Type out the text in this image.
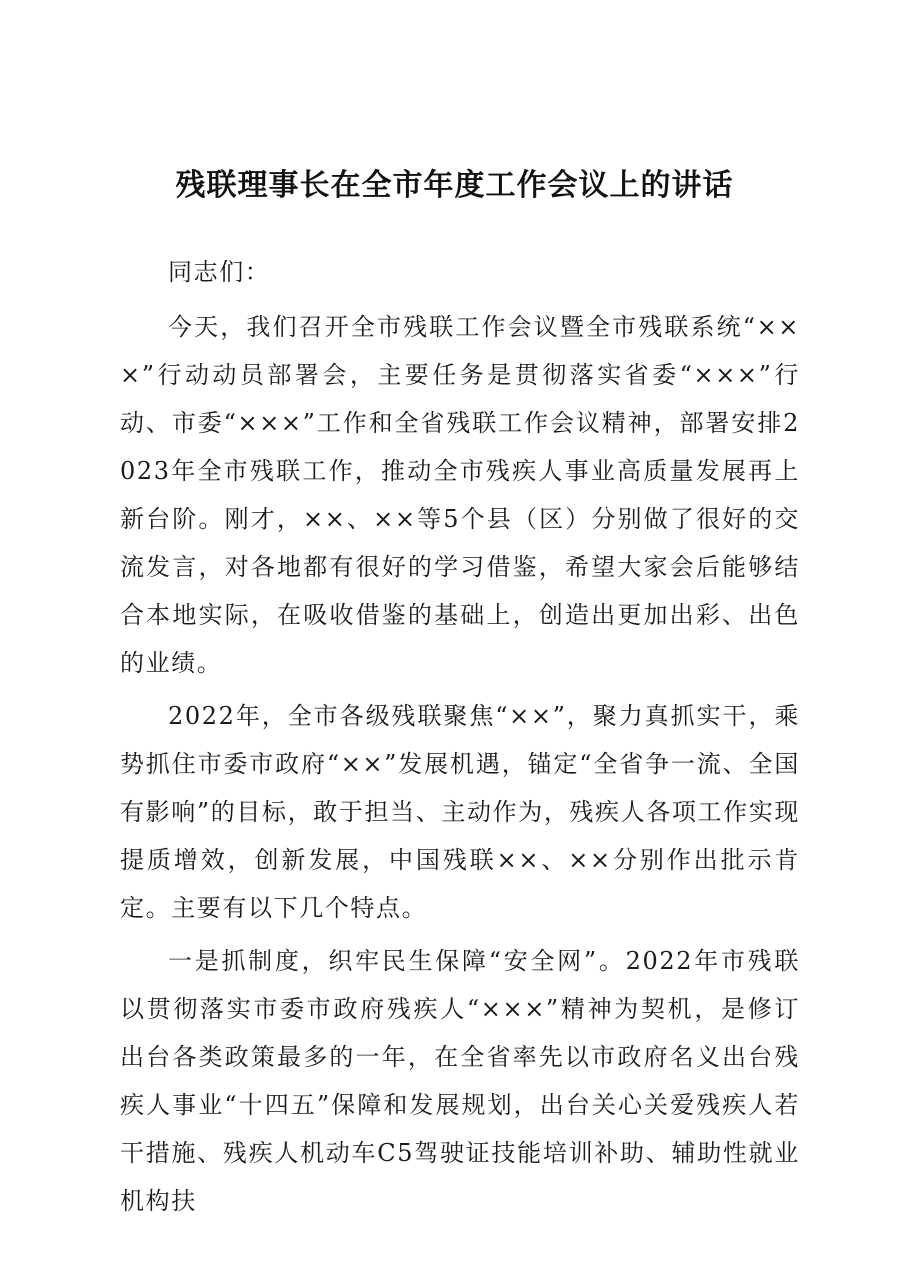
残联理事长在全市年度工作会议上的讲话

同志们：

今天，我们召开全市残联工作会议暨全市残联系统“×××”行动动员部署会，主要任务是贯彻落实省委“×××”行动、市委“×××”工作和全省残联工作会议精神，部署安排2023年全市残联工作，推动全市残疾人事业高质量发展再上新台阶。刚才，××、××等5个县（区）分别做了很好的交流发言，对各地都有很好的学习借鉴，希望大家会后能够结合本地实际，在吸收借鉴的基础上，创造出更加出彩、出色的业绩。

2022年，全市各级残联聚焦“××”，聚力真抓实干，乘势抓住市委市政府“××”发展机遇，锚定“全省争一流、全国有影响”的目标，敢于担当、主动作为，残疾人各项工作实现提质增效，创新发展，中国残联××、××分别作出批示肯定。主要有以下几个特点。

一是抓制度，织牢民生保障“安全网”。2022年市残联以贯彻落实市委市政府残疾人“×××”精神为契机，是修订出台各类政策最多的一年，在全省率先以市政府名义出台残疾人事业“十四五”保障和发展规划，出台关心关爱残疾人若干措施、残疾人机动车C5驾驶证技能培训补助、辅助性就业机构扶
